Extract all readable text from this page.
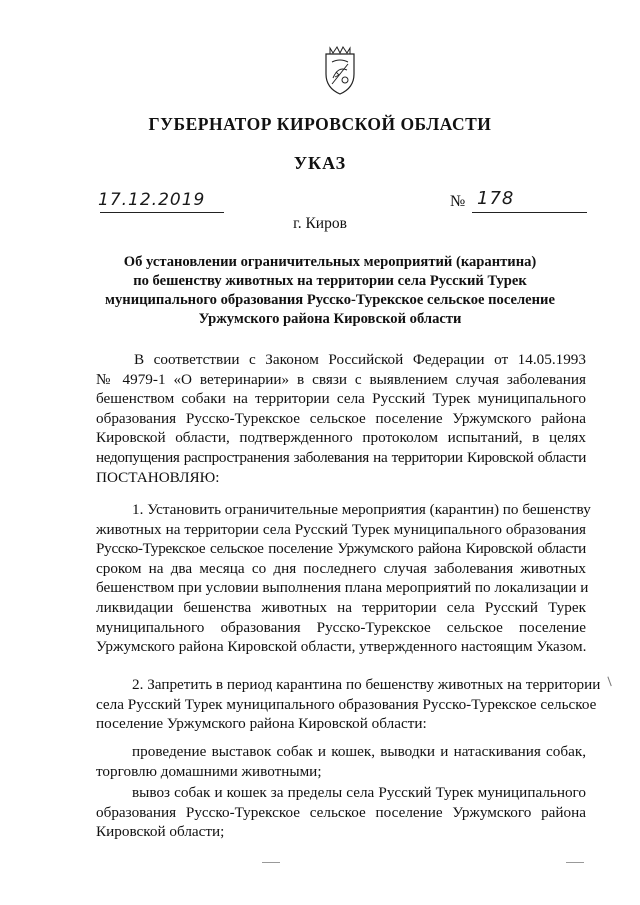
ГУБЕРНАТОР КИРОВСКОЙ ОБЛАСТИ
УКАЗ
17.12.2019	№ 178
г. Киров
Об установлении ограничительных мероприятий (карантина)
по бешенству животных на территории села Русский Турек
муниципального образования Русско-Турекское сельское поселение
Уржумского района Кировской области
В соответствии с Законом Российской Федерации от 14.05.1993
№ 4979-1 «О ветеринарии» в связи с выявлением случая заболевания
бешенством собаки на территории села Русский Турек муниципального
образования Русско-Турекское сельское поселение Уржумского района
Кировской области, подтвержденного протоколом испытаний, в целях
недопущения распространения заболевания на территории Кировской области
ПОСТАНОВЛЯЮ:
1. Установить ограничительные мероприятия (карантин) по бешенству
животных на территории села Русский Турек муниципального образования
Русско-Турекское сельское поселение Уржумского района Кировской области
сроком на два месяца со дня последнего случая заболевания животных
бешенством при условии выполнения плана мероприятий по локализации и
ликвидации бешенства животных на территории села Русский Турек
муниципального образования Русско-Турекское сельское поселение
Уржумского района Кировской области, утвержденного настоящим Указом.
2. Запретить в период карантина по бешенству животных на территории
села Русский Турек муниципального образования Русско-Турекское сельское
поселение Уржумского района Кировской области:
проведение выставок собак и кошек, выводки и натаскивания собак,
торговлю домашними животными;
вывоз собак и кошек за пределы села Русский Турек муниципального
образования Русско-Турекское сельское поселение Уржумского района
Кировской области;
